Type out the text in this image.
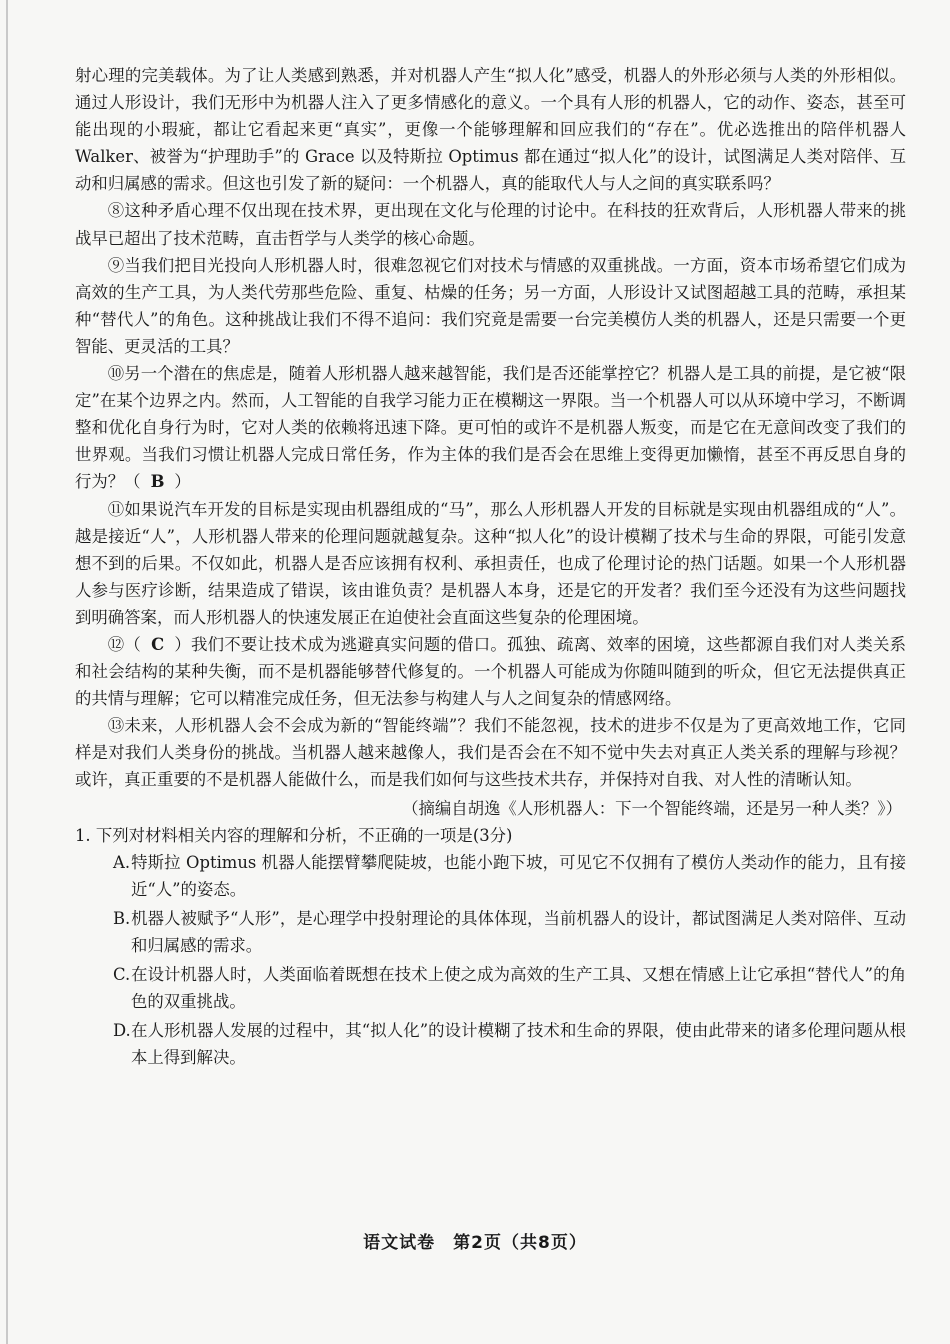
射心理的完美载体。为了让人类感到熟悉，并对机器人产生“拟人化”感受，机器人的外形必须与人类的外形相似。通过人形设计，我们无形中为机器人注入了更多情感化的意义。一个具有人形的机器人，它的动作、姿态，甚至可能出现的小瑕疵，都让它看起来更“真实”，更像一个能够理解和回应我们的“存在”。优必选推出的陪伴机器人 Walker、被誉为“护理助手”的 Grace 以及特斯拉 Optimus 都在通过“拟人化”的设计，试图满足人类对陪伴、互动和归属感的需求。但这也引发了新的疑问：一个机器人，真的能取代人与人之间的真实联系吗？

⑧这种矛盾心理不仅出现在技术界，更出现在文化与伦理的讨论中。在科技的狂欢背后，人形机器人带来的挑战早已超出了技术范畴，直击哲学与人类学的核心命题。

⑨当我们把目光投向人形机器人时，很难忽视它们对技术与情感的双重挑战。一方面，资本市场希望它们成为高效的生产工具，为人类代劳那些危险、重复、枯燥的任务；另一方面，人形设计又试图超越工具的范畴，承担某种“替代人”的角色。这种挑战让我们不得不追问：我们究竟是需要一台完美模仿人类的机器人，还是只需要一个更智能、更灵活的工具？

⑩另一个潜在的焦虑是，随着人形机器人越来越智能，我们是否还能掌控它？机器人是工具的前提，是它被“限定”在某个边界之内。然而，人工智能的自我学习能力正在模糊这一界限。当一个机器人可以从环境中学习，不断调整和优化自身行为时，它对人类的依赖将迅速下降。更可怕的或许不是机器人叛变，而是它在无意间改变了我们的世界观。当我们习惯让机器人完成日常任务，作为主体的我们是否会在思维上变得更加懒惰，甚至不再反思自身的行为？（ B ）

⑪如果说汽车开发的目标是实现由机器组成的“马”，那么人形机器人开发的目标就是实现由机器组成的“人”。越是接近“人”，人形机器人带来的伦理问题就越复杂。这种“拟人化”的设计模糊了技术与生命的界限，可能引发意想不到的后果。不仅如此，机器人是否应该拥有权利、承担责任，也成了伦理讨论的热门话题。如果一个人形机器人参与医疗诊断，结果造成了错误，该由谁负责？是机器人本身，还是它的开发者？我们至今还没有为这些问题找到明确答案，而人形机器人的快速发展正在迫使社会直面这些复杂的伦理困境。

⑫（ C ）我们不要让技术成为逃避真实问题的借口。孤独、疏离、效率的困境，这些都源自我们对人类关系和社会结构的某种失衡，而不是机器能够替代修复的。一个机器人可能成为你随叫随到的听众，但它无法提供真正的共情与理解；它可以精准完成任务，但无法参与构建人与人之间复杂的情感网络。

⑬未来，人形机器人会不会成为新的“智能终端”？我们不能忽视，技术的进步不仅是为了更高效地工作，它同样是对我们人类身份的挑战。当机器人越来越像人，我们是否会在不知不觉中失去对真正人类关系的理解与珍视？或许，真正重要的不是机器人能做什么，而是我们如何与这些技术共存，并保持对自我、对人性的清晰认知。

（摘编自胡逸《人形机器人：下一个智能终端，还是另一种人类？》）

1. 下列对材料相关内容的理解和分析，不正确的一项是(3分)

A.特斯拉 Optimus 机器人能摆臂攀爬陡坡，也能小跑下坡，可见它不仅拥有了模仿人类动作的能力，且有接近“人”的姿态。

B.机器人被赋予“人形”，是心理学中投射理论的具体体现，当前机器人的设计，都试图满足人类对陪伴、互动和归属感的需求。

C.在设计机器人时，人类面临着既想在技术上使之成为高效的生产工具、又想在情感上让它承担“替代人”的角色的双重挑战。

D.在人形机器人发展的过程中，其“拟人化”的设计模糊了技术和生命的界限，使由此带来的诸多伦理问题从根本上得到解决。

语文试卷　第2页（共8页）
